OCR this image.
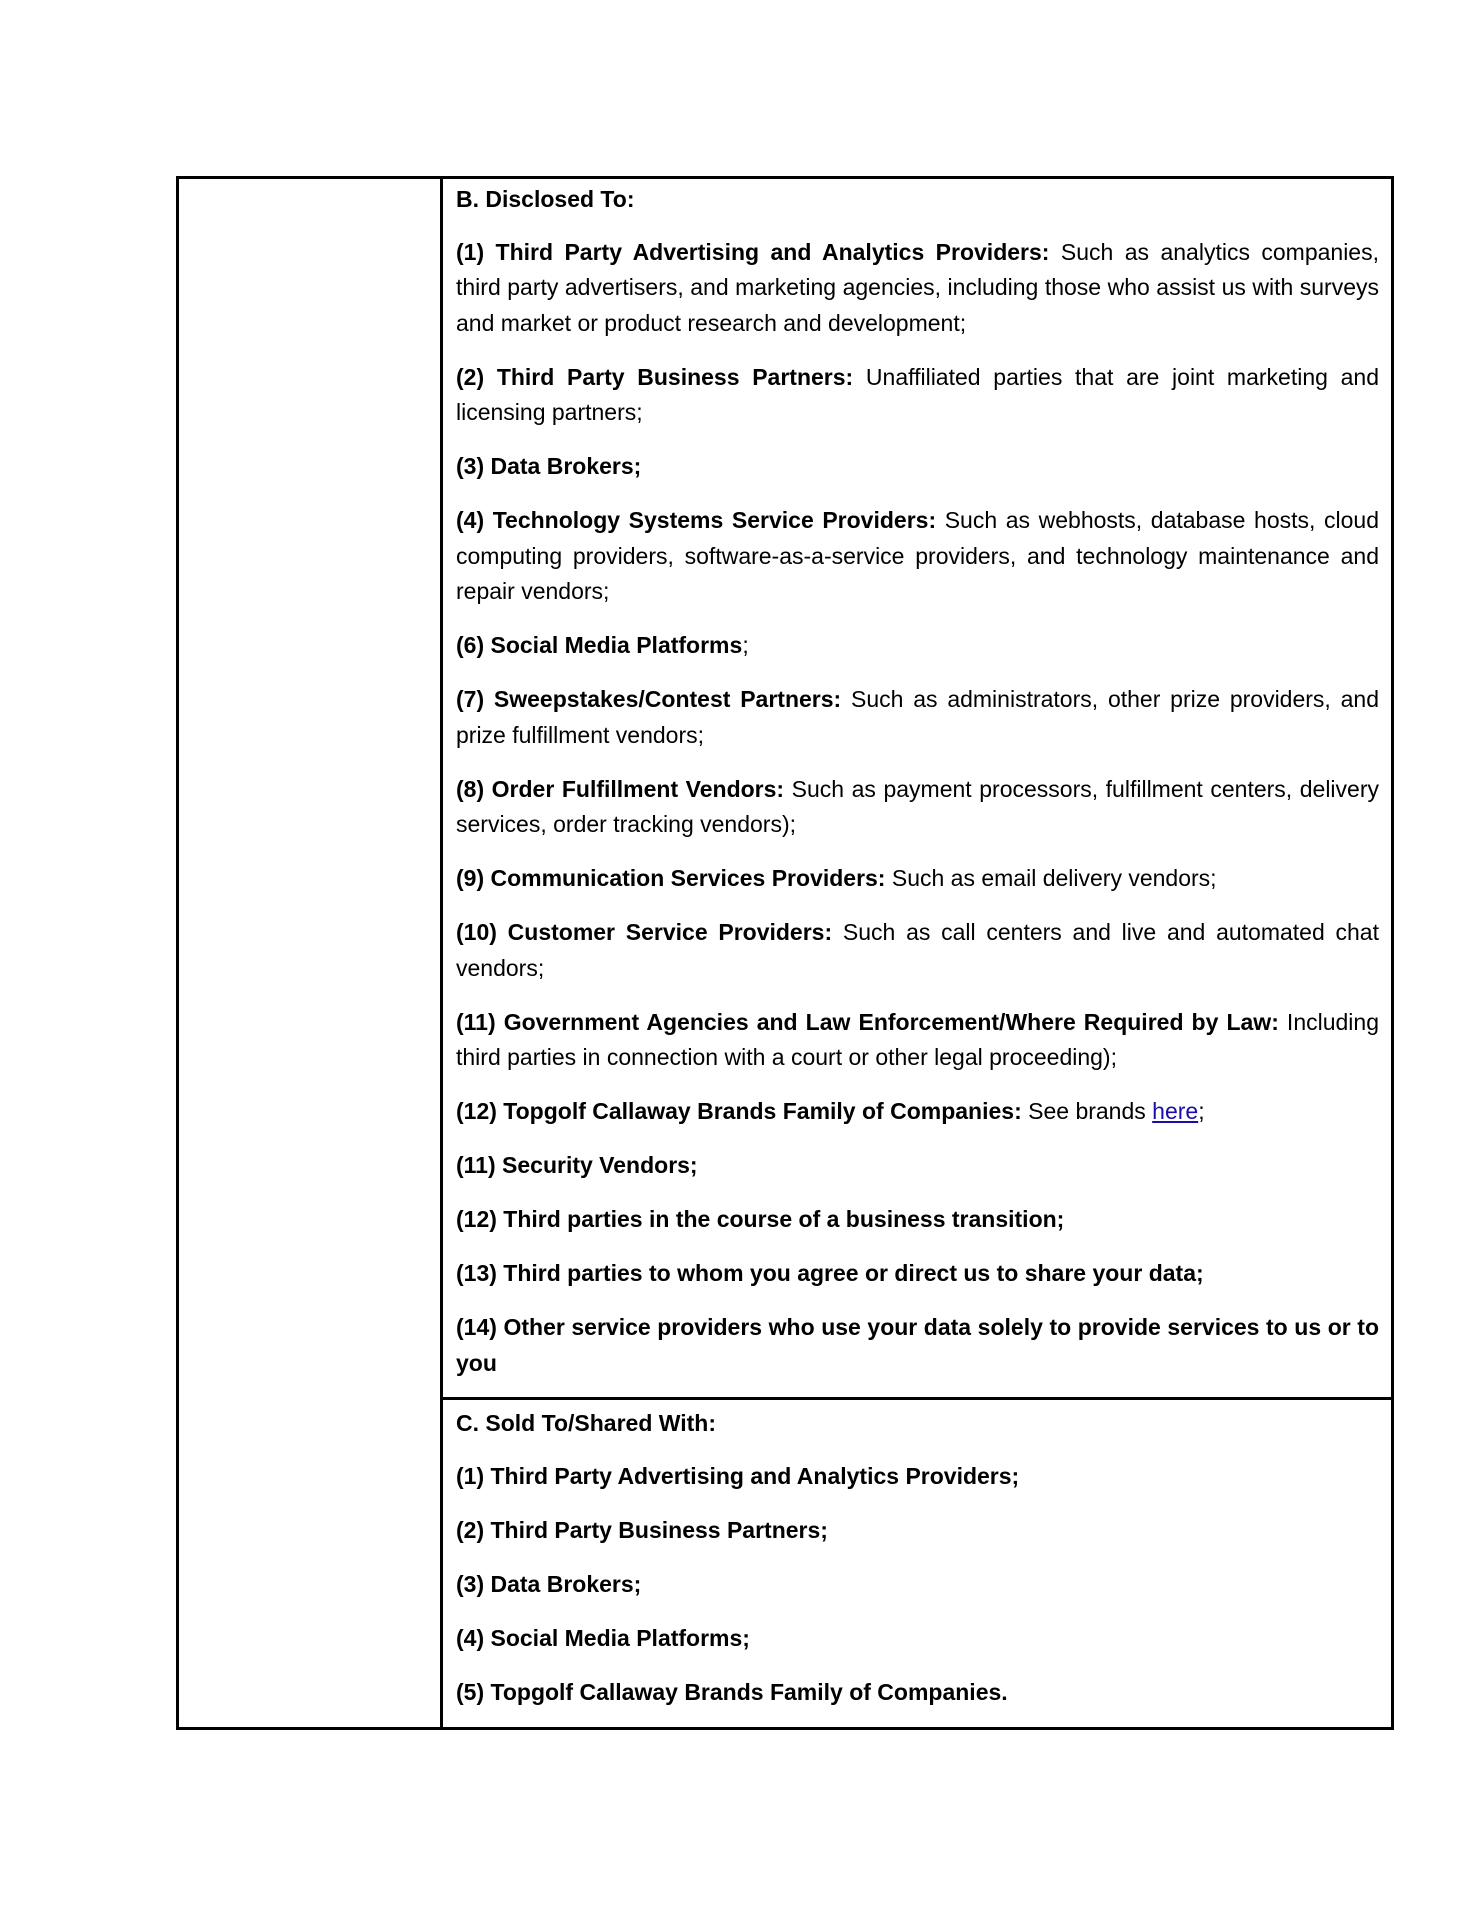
B. Disclosed To:

(1) Third Party Advertising and Analytics Providers: Such as analytics companies, third party advertisers, and marketing agencies, including those who assist us with surveys and market or product research and development;

(2) Third Party Business Partners: Unaffiliated parties that are joint marketing and licensing partners;

(3) Data Brokers;

(4) Technology Systems Service Providers: Such as webhosts, database hosts, cloud computing providers, software-as-a-service providers, and technology maintenance and repair vendors;

(6) Social Media Platforms;

(7) Sweepstakes/Contest Partners: Such as administrators, other prize providers, and prize fulfillment vendors;

(8) Order Fulfillment Vendors: Such as payment processors, fulfillment centers, delivery services, order tracking vendors);

(9) Communication Services Providers: Such as email delivery vendors;

(10) Customer Service Providers: Such as call centers and live and automated chat vendors;

(11) Government Agencies and Law Enforcement/Where Required by Law: Including third parties in connection with a court or other legal proceeding);

(12) Topgolf Callaway Brands Family of Companies: See brands here;

(11) Security Vendors;

(12) Third parties in the course of a business transition;

(13) Third parties to whom you agree or direct us to share your data;

(14) Other service providers who use your data solely to provide services to us or to you

C. Sold To/Shared With:

(1) Third Party Advertising and Analytics Providers;

(2) Third Party Business Partners;

(3) Data Brokers;

(4) Social Media Platforms;

(5) Topgolf Callaway Brands Family of Companies.
